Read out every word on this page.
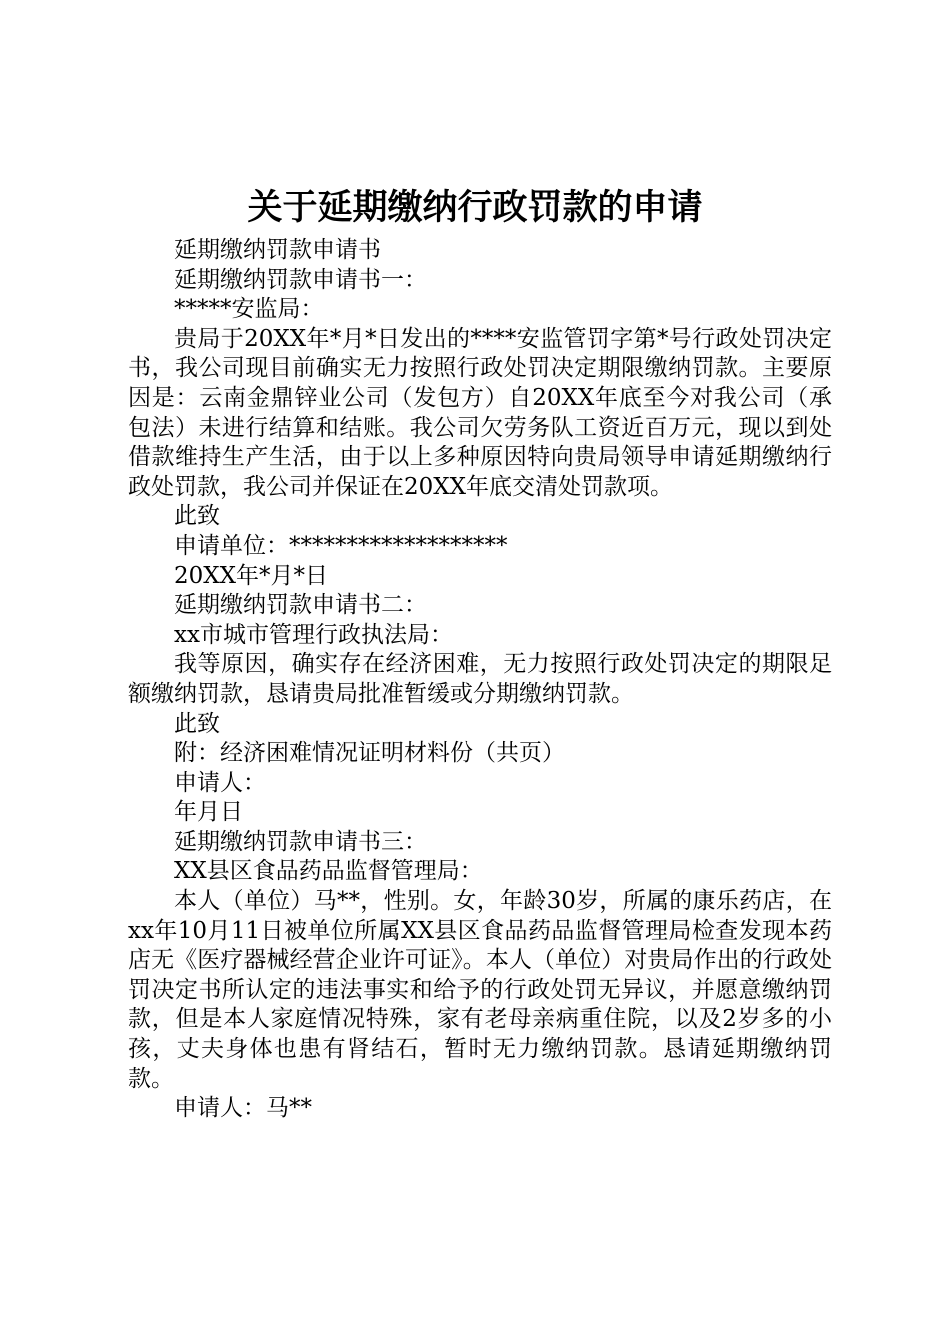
关于延期缴纳行政罚款的申请

延期缴纳罚款申请书

延期缴纳罚款申请书一：

*****安监局：

贵局于20XX年*月*日发出的****安监管罚字第*号行政处罚决定书，我公司现目前确实无力按照行政处罚决定期限缴纳罚款。主要原因是：云南金鼎锌业公司（发包方）自20XX年底至今对我公司（承包法）未进行结算和结账。我公司欠劳务队工资近百万元，现以到处借款维持生产生活，由于以上多种原因特向贵局领导申请延期缴纳行政处罚款，我公司并保证在20XX年底交清处罚款项。

此致

申请单位：*******************

20XX年*月*日

延期缴纳罚款申请书二：

xx市城市管理行政执法局：

我等原因，确实存在经济困难，无力按照行政处罚决定的期限足额缴纳罚款，恳请贵局批准暂缓或分期缴纳罚款。

此致

附：经济困难情况证明材料份（共页）

申请人：

年月日

延期缴纳罚款申请书三：

XX县区食品药品监督管理局：

本人（单位）马**，性别。女，年龄30岁，所属的康乐药店，在xx年10月11日被单位所属XX县区食品药品监督管理局检查发现本药店无《医疗器械经营企业许可证》。本人（单位）对贵局作出的行政处罚决定书所认定的违法事实和给予的行政处罚无异议，并愿意缴纳罚款，但是本人家庭情况特殊，家有老母亲病重住院，以及2岁多的小孩，丈夫身体也患有肾结石，暂时无力缴纳罚款。恳请延期缴纳罚款。

申请人：马**
